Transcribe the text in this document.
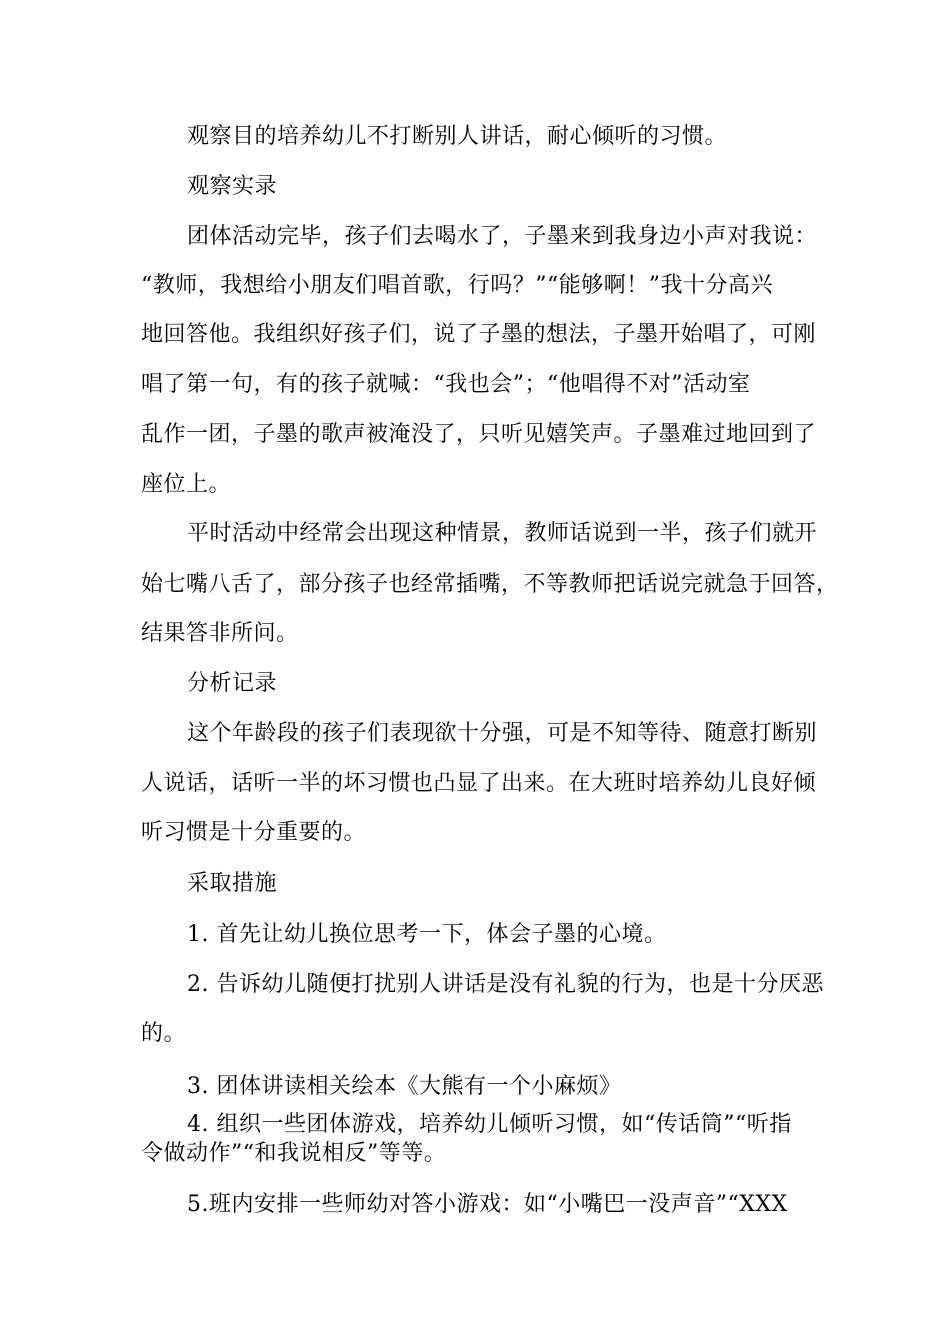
观察目的培养幼儿不打断别人讲话，耐心倾听的习惯。
观察实录
团体活动完毕，孩子们去喝水了，子墨来到我身边小声对我说：
“教师，我想给小朋友们唱首歌，行吗？”“能够啊！”我十分高兴
地回答他。我组织好孩子们，说了子墨的想法，子墨开始唱了，可刚
唱了第一句，有的孩子就喊：“我也会”；“他唱得不对”活动室
乱作一团，子墨的歌声被淹没了，只听见嬉笑声。子墨难过地回到了
座位上。
平时活动中经常会出现这种情景，教师话说到一半，孩子们就开
始七嘴八舌了，部分孩子也经常插嘴，不等教师把话说完就急于回答，
结果答非所问。
分析记录
这个年龄段的孩子们表现欲十分强，可是不知等待、随意打断别
人说话，话听一半的坏习惯也凸显了出来。在大班时培养幼儿良好倾
听习惯是十分重要的。
采取措施
1. 首先让幼儿换位思考一下，体会子墨的心境。
2. 告诉幼儿随便打扰别人讲话是没有礼貌的行为，也是十分厌恶
的。
3. 团体讲读相关绘本《大熊有一个小麻烦》
4. 组织一些团体游戏，培养幼儿倾听习惯，如“传话筒”“听指
令做动作”“和我说相反”等等。
5.班内安排一些师幼对答小游戏：如“小嘴巴一没声音”“XXX
